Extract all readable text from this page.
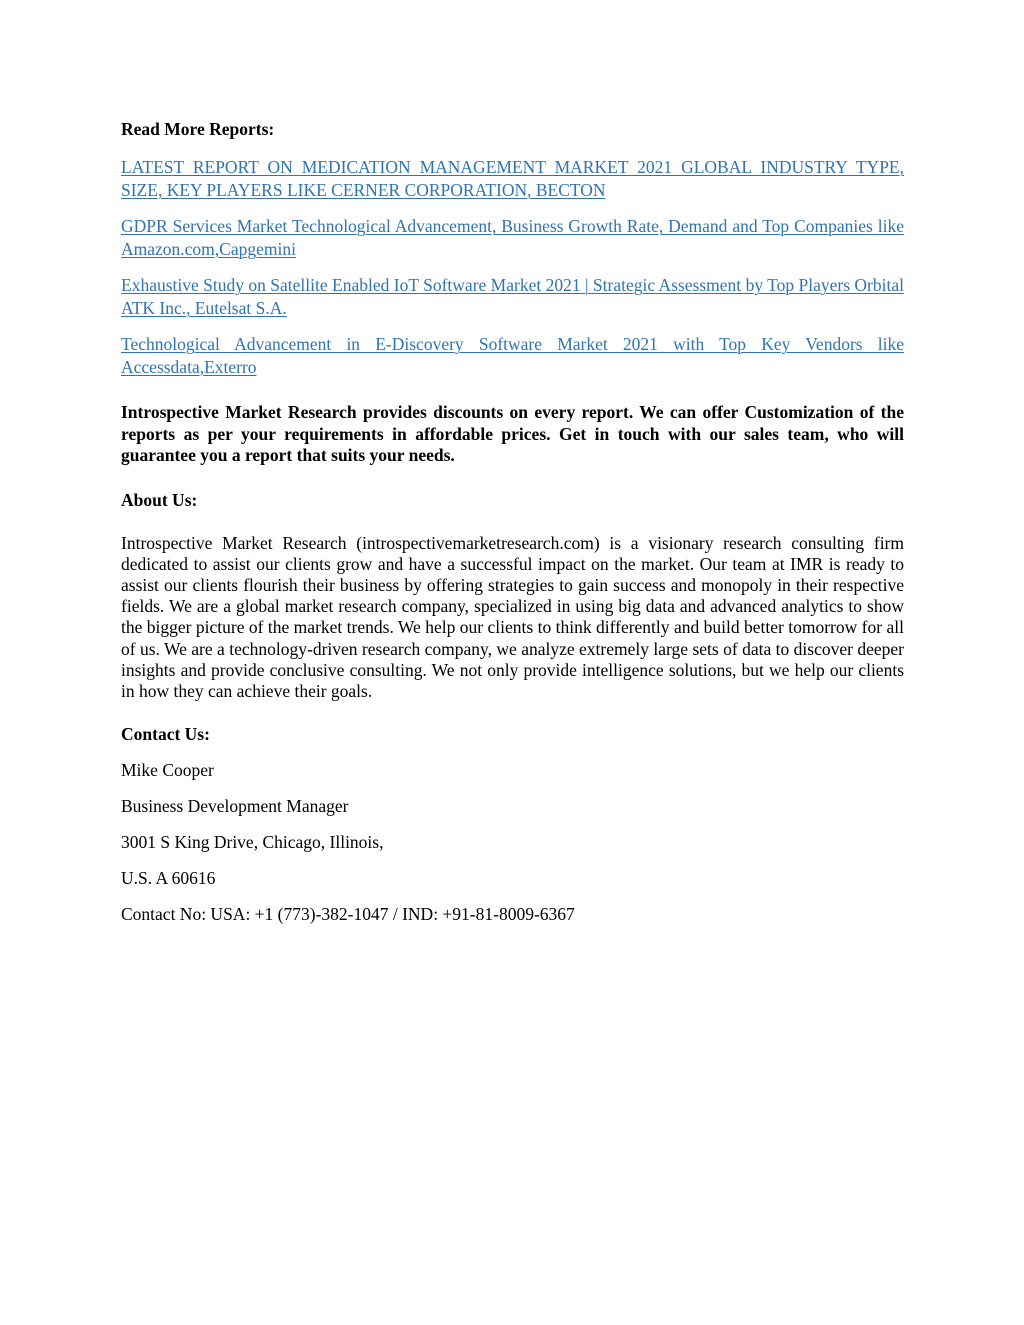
Read More Reports:

LATEST REPORT ON MEDICATION MANAGEMENT MARKET 2021 GLOBAL INDUSTRY TYPE, SIZE, KEY PLAYERS LIKE CERNER CORPORATION, BECTON
GDPR Services Market Technological Advancement, Business Growth Rate, Demand and Top Companies like Amazon.com,Capgemini
Exhaustive Study on Satellite Enabled IoT Software Market 2021 | Strategic Assessment by Top Players Orbital ATK Inc., Eutelsat S.A.
Technological Advancement in E-Discovery Software Market 2021 with Top Key Vendors like Accessdata,Exterro

Introspective Market Research provides discounts on every report. We can offer Customization of the reports as per your requirements in affordable prices. Get in touch with our sales team, who will guarantee you a report that suits your needs.

About Us:

Introspective Market Research (introspectivemarketresearch.com) is a visionary research consulting firm dedicated to assist our clients grow and have a successful impact on the market. Our team at IMR is ready to assist our clients flourish their business by offering strategies to gain success and monopoly in their respective fields. We are a global market research company, specialized in using big data and advanced analytics to show the bigger picture of the market trends. We help our clients to think differently and build better tomorrow for all of us. We are a technology-driven research company, we analyze extremely large sets of data to discover deeper insights and provide conclusive consulting. We not only provide intelligence solutions, but we help our clients in how they can achieve their goals.

Contact Us:

Mike Cooper

Business Development Manager

3001 S King Drive, Chicago, Illinois,

U.S. A 60616

Contact No: USA: +1 (773)-382-1047 / IND: +91-81-8009-6367
